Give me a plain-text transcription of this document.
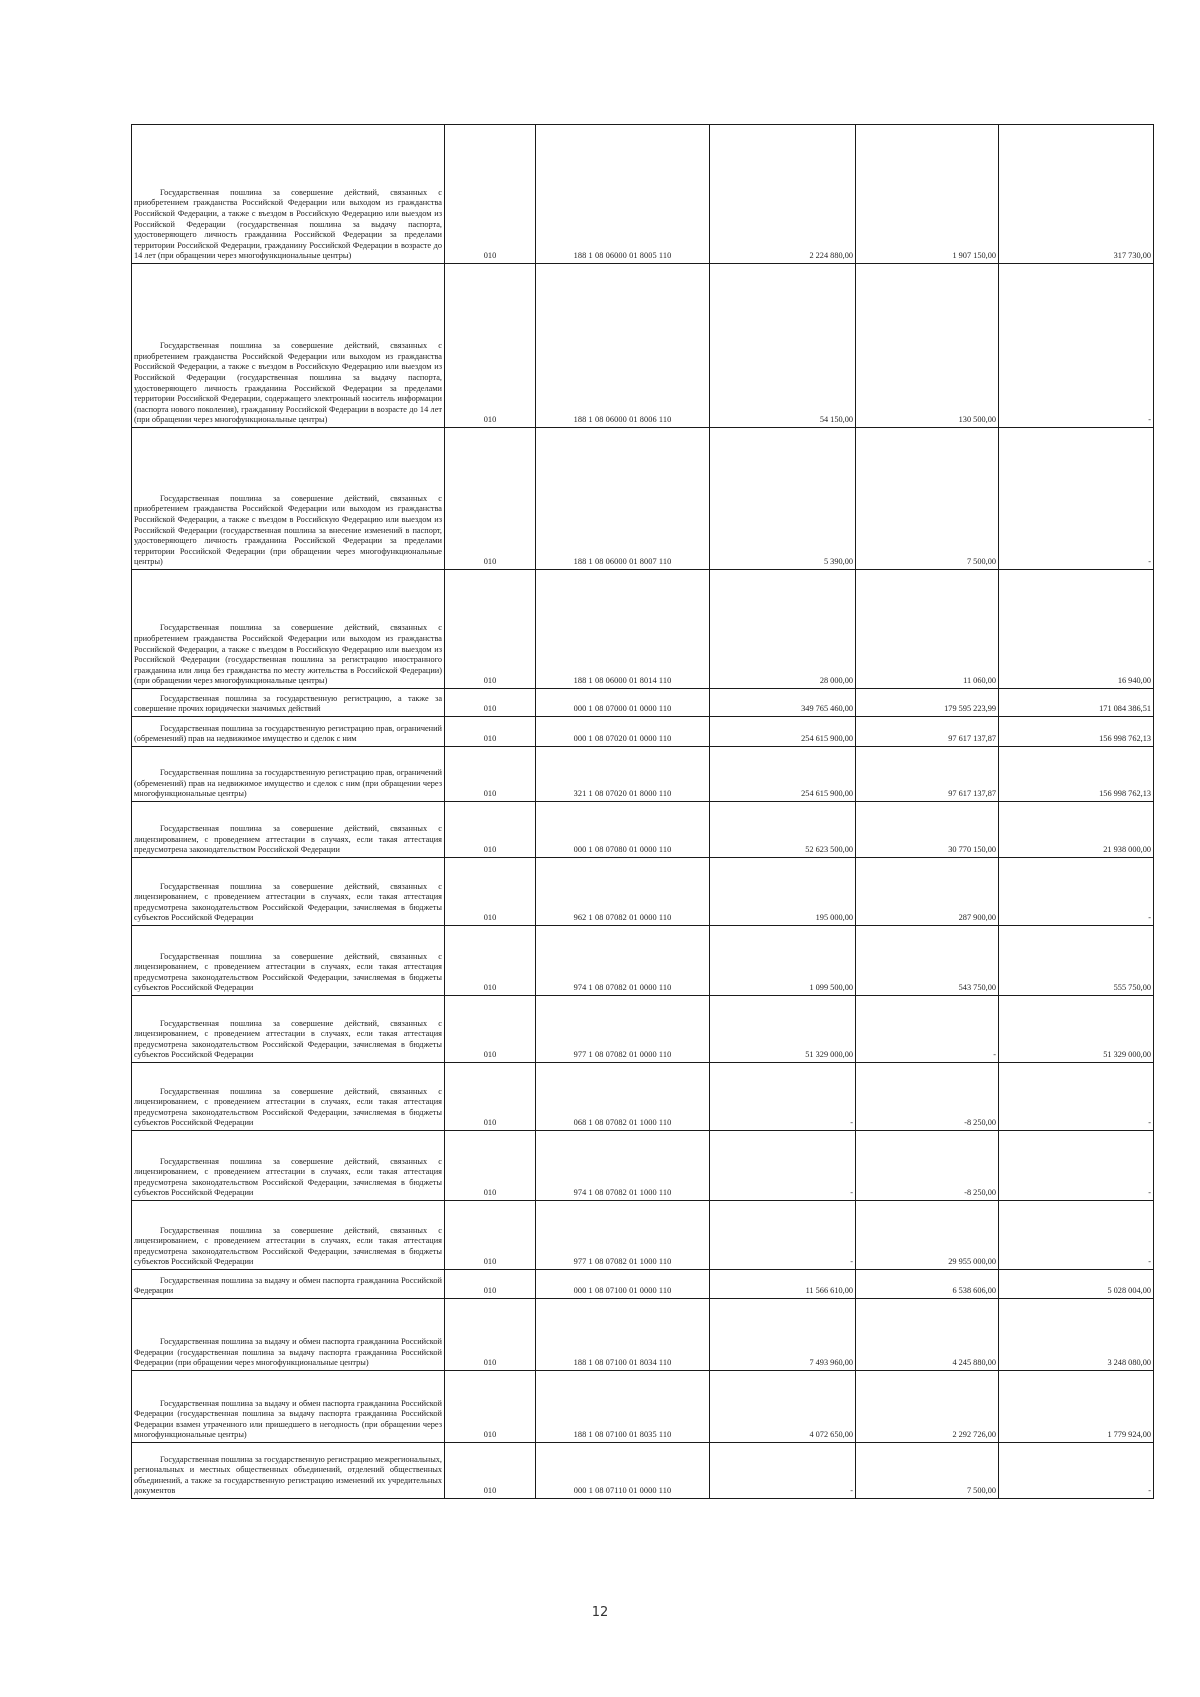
Государственная пошлина за совершение действий, связанных с приобретением гражданства Российской Федерации или выходом из гражданства Российской Федерации, а также с въездом в Российскую Федерацию или выездом из Российской Федерации (государственная пошлина за выдачу паспорта, удостоверяющего личность гражданина Российской Федерации за пределами территории Российской Федерации, гражданину Российской Федерации в возрасте до 14 лет (при обращении через многофункциональные центры)	010	188 1 08 06000 01 8005 110	2 224 880,00	1 907 150,00	317 730,00
Государственная пошлина за совершение действий, связанных с приобретением гражданства Российской Федерации или выходом из гражданства Российской Федерации, а также с въездом в Российскую Федерацию или выездом из Российской Федерации (государственная пошлина за выдачу паспорта, удостоверяющего личность гражданина Российской Федерации за пределами территории Российской Федерации, содержащего электронный носитель информации (паспорта нового поколения), гражданину Российской Федерации в возрасте до 14 лет (при обращении через многофункциональные центры)	010	188 1 08 06000 01 8006 110	54 150,00	130 500,00	-
Государственная пошлина за совершение действий, связанных с приобретением гражданства Российской Федерации или выходом из гражданства Российской Федерации, а также с въездом в Российскую Федерацию или выездом из Российской Федерации (государственная пошлина за внесение изменений в паспорт, удостоверяющего личность гражданина Российской Федерации за пределами территории Российской Федерации (при обращении через многофункциональные центры)	010	188 1 08 06000 01 8007 110	5 390,00	7 500,00	-
Государственная пошлина за совершение действий, связанных с приобретением гражданства Российской Федерации или выходом из гражданства Российской Федерации, а также с въездом в Российскую Федерацию или выездом из Российской Федерации (государственная пошлина за регистрацию иностранного гражданина или лица без гражданства по месту жительства в Российской Федерации) (при обращении через многофункциональные центры)	010	188 1 08 06000 01 8014 110	28 000,00	11 060,00	16 940,00
Государственная пошлина за государственную регистрацию, а также за совершение прочих юридически значимых действий	010	000 1 08 07000 01 0000 110	349 765 460,00	179 595 223,99	171 084 386,51
Государственная пошлина за государственную регистрацию прав, ограничений (обременений) прав на недвижимое имущество и сделок с ним	010	000 1 08 07020 01 0000 110	254 615 900,00	97 617 137,87	156 998 762,13
Государственная пошлина за государственную регистрацию прав, ограничений (обременений) прав на недвижимое имущество и сделок с ним (при обращении через многофункциональные центры)	010	321 1 08 07020 01 8000 110	254 615 900,00	97 617 137,87	156 998 762,13
Государственная пошлина за совершение действий, связанных с лицензированием, с проведением аттестации в случаях, если такая аттестация предусмотрена законодательством Российской Федерации	010	000 1 08 07080 01 0000 110	52 623 500,00	30 770 150,00	21 938 000,00
Государственная пошлина за совершение действий, связанных с лицензированием, с проведением аттестации в случаях, если такая аттестация предусмотрена законодательством Российской Федерации, зачисляемая в бюджеты субъектов Российской Федерации	010	962 1 08 07082 01 0000 110	195 000,00	287 900,00	-
Государственная пошлина за совершение действий, связанных с лицензированием, с проведением аттестации в случаях, если такая аттестация предусмотрена законодательством Российской Федерации, зачисляемая в бюджеты субъектов Российской Федерации	010	974 1 08 07082 01 0000 110	1 099 500,00	543 750,00	555 750,00
Государственная пошлина за совершение действий, связанных с лицензированием, с проведением аттестации в случаях, если такая аттестация предусмотрена законодательством Российской Федерации, зачисляемая в бюджеты субъектов Российской Федерации	010	977 1 08 07082 01 0000 110	51 329 000,00	-	51 329 000,00
Государственная пошлина за совершение действий, связанных с лицензированием, с проведением аттестации в случаях, если такая аттестация предусмотрена законодательством Российской Федерации, зачисляемая в бюджеты субъектов Российской Федерации	010	068 1 08 07082 01 1000 110	-	-8 250,00	-
Государственная пошлина за совершение действий, связанных с лицензированием, с проведением аттестации в случаях, если такая аттестация предусмотрена законодательством Российской Федерации, зачисляемая в бюджеты субъектов Российской Федерации	010	974 1 08 07082 01 1000 110	-	-8 250,00	-
Государственная пошлина за совершение действий, связанных с лицензированием, с проведением аттестации в случаях, если такая аттестация предусмотрена законодательством Российской Федерации, зачисляемая в бюджеты субъектов Российской Федерации	010	977 1 08 07082 01 1000 110	-	29 955 000,00	-
Государственная пошлина за выдачу и обмен паспорта гражданина Российской Федерации	010	000 1 08 07100 01 0000 110	11 566 610,00	6 538 606,00	5 028 004,00
Государственная пошлина за выдачу и обмен паспорта гражданина Российской Федерации (государственная пошлина за выдачу паспорта гражданина Российской Федерации (при обращении через многофункциональные центры)	010	188 1 08 07100 01 8034 110	7 493 960,00	4 245 880,00	3 248 080,00
Государственная пошлина за выдачу и обмен паспорта гражданина Российской Федерации (государственная пошлина за выдачу паспорта гражданина Российской Федерации взамен утраченного или пришедшего в негодность (при обращении через многофункциональные центры)	010	188 1 08 07100 01 8035 110	4 072 650,00	2 292 726,00	1 779 924,00
Государственная пошлина за государственную регистрацию межрегиональных, региональных и местных общественных объединений, отделений общественных объединений, а также за государственную регистрацию изменений их учредительных документов	010	000 1 08 07110 01 0000 110	-	7 500,00	-
12
